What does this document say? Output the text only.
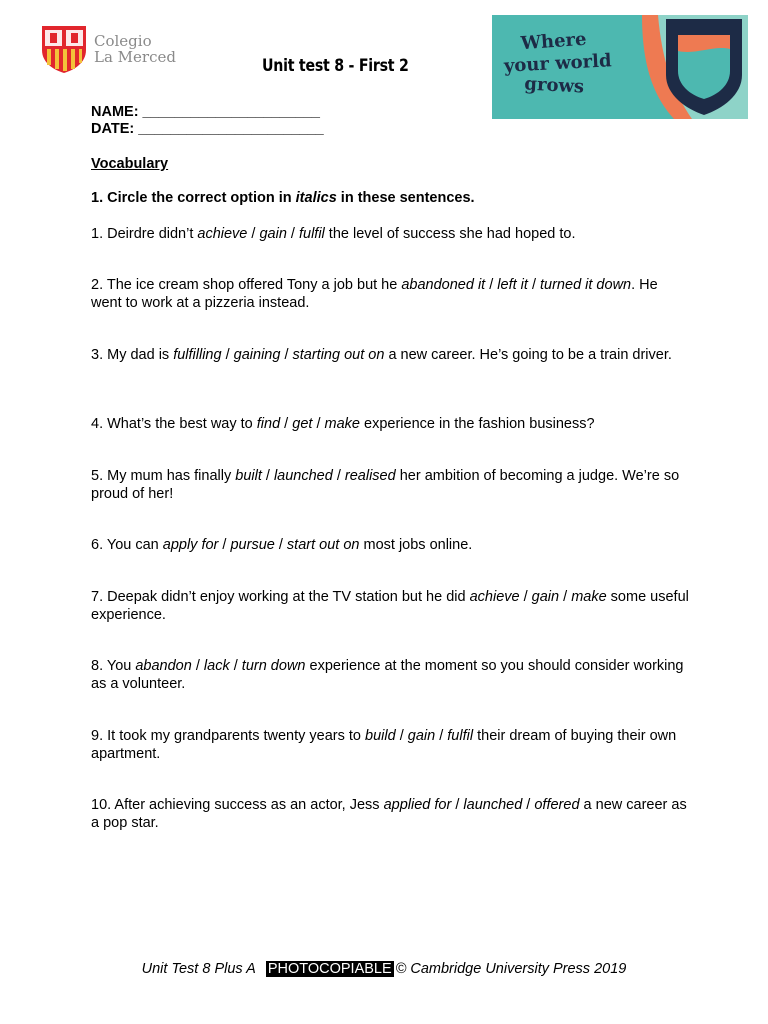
Colegio
La Merced
Where
your world
grows
Unit test 8 - First 2
NAME: ______________________
DATE: _______________________
Vocabulary
1. Circle the correct option in italics in these sentences.
1. Deirdre didn’t achieve / gain / fulfil the level of success she had hoped to.
2. The ice cream shop offered Tony a job but he abandoned it / left it / turned it down. He went to work at a pizzeria instead.
3. My dad is fulfilling / gaining / starting out on a new career. He’s going to be a train driver.
4. What’s the best way to find / get / make experience in the fashion business?
5. My mum has finally built / launched / realised her ambition of becoming a judge. We’re so proud of her!
6. You can apply for / pursue / start out on most jobs online.
7. Deepak didn’t enjoy working at the TV station but he did achieve / gain / make some useful experience.
8. You abandon / lack / turn down experience at the moment so you should consider working as a volunteer.
9. It took my grandparents twenty years to build / gain / fulfil their dream of buying their own apartment.
10. After achieving success as an actor, Jess applied for / launched / offered a new career as a pop star.
Unit Test 8 Plus A PHOTOCOPIABLE © Cambridge University Press 2019
